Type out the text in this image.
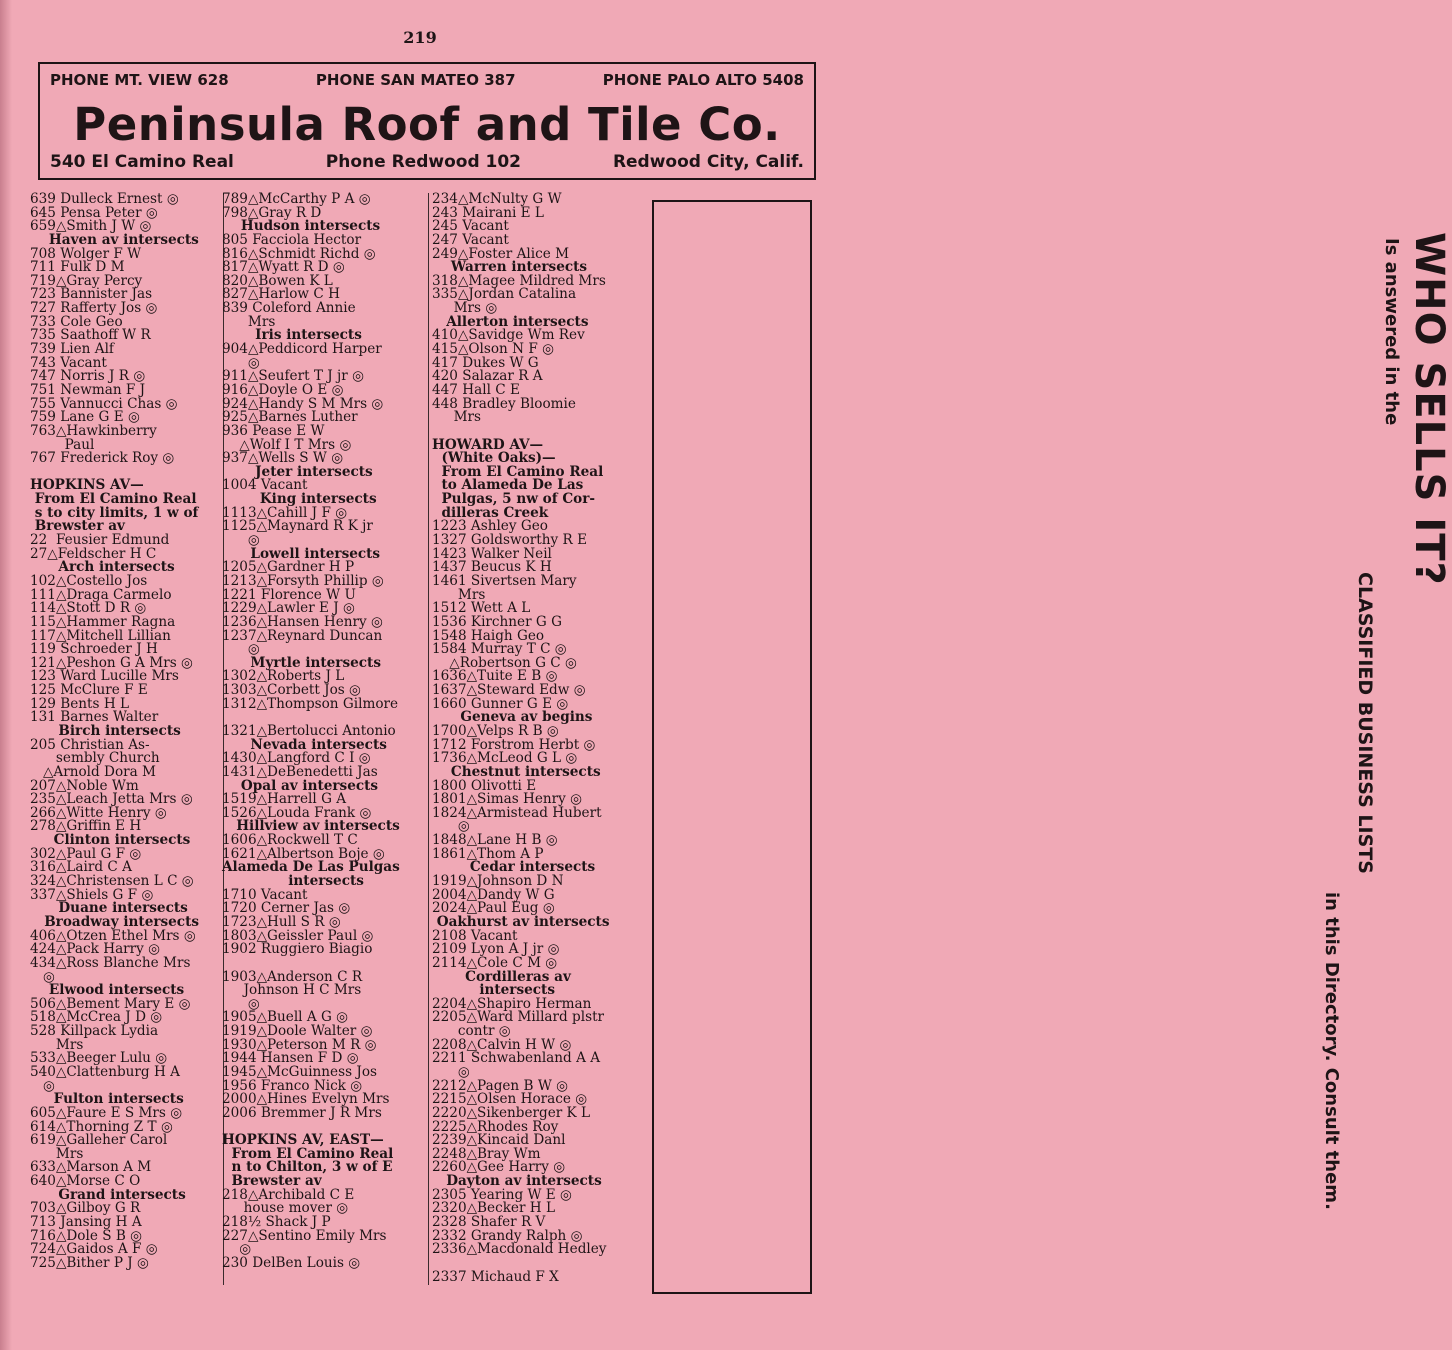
219
PHONE MT. VIEW 628	PHONE SAN MATEO 387	PHONE PALO ALTO 5408
Peninsula Roof and Tile Co.
540 El Camino Real	Phone Redwood 102	Redwood City, Calif.
639 Dulleck Ernest ◎
645 Pensa Peter ◎
659△Smith J W ◎
Haven av intersects
708 Wolger F W
711 Fulk D M
719△Gray Percy
723 Bannister Jas
727 Rafferty Jos ◎
733 Cole Geo
735 Saathoff W R
739 Lien Alf
743 Vacant
747 Norris J R ◎
751 Newman F J
755 Vannucci Chas ◎
759 Lane G E ◎
763△Hawkinberry
Paul
767 Frederick Roy ◎
HOPKINS AV—
From El Camino Real
s to city limits, 1 w of
Brewster av
22  Feusier Edmund
27△Feldscher H C
Arch intersects
102△Costello Jos
111△Draga Carmelo
114△Stott D R ◎
115△Hammer Ragna
117△Mitchell Lillian
119 Schroeder J H
121△Peshon G A Mrs ◎
123 Ward Lucille Mrs
125 McClure F E
129 Bents H L
131 Barnes Walter
Birch intersects
205 Christian As-
sembly Church
△Arnold Dora M
207△Noble Wm
235△Leach Jetta Mrs ◎
266△Witte Henry ◎
278△Griffin E H
Clinton intersects
302△Paul G F ◎
316△Laird C A
324△Christensen L C ◎
337△Shiels G F ◎
Duane intersects
Broadway intersects
406△Otzen Ethel Mrs ◎
424△Pack Harry ◎
434△Ross Blanche Mrs
◎
Elwood intersects
506△Bement Mary E ◎
518△McCrea J D ◎
528 Killpack Lydia
Mrs
533△Beeger Lulu ◎
540△Clattenburg H A
◎
Fulton intersects
605△Faure E S Mrs ◎
614△Thorning Z T ◎
619△Galleher Carol
Mrs
633△Marson A M
640△Morse C O
Grand intersects
703△Gilboy G R
713 Jansing H A
716△Dole S B ◎
724△Gaidos A F ◎
725△Bither P J ◎
789△McCarthy P A ◎
798△Gray R D
Hudson intersects
805 Facciola Hector
816△Schmidt Richd ◎
817△Wyatt R D ◎
820△Bowen K L
827△Harlow C H
839 Coleford Annie
Mrs
Iris intersects
904△Peddicord Harper
◎
911△Seufert T J jr ◎
916△Doyle O E ◎
924△Handy S M Mrs ◎
925△Barnes Luther
936 Pease E W
△Wolf I T Mrs ◎
937△Wells S W ◎
Jeter intersects
1004 Vacant
King intersects
1113△Cahill J F ◎
1125△Maynard R K jr
◎
Lowell intersects
1205△Gardner H P
1213△Forsyth Phillip ◎
1221 Florence W U
1229△Lawler E J ◎
1236△Hansen Henry ◎
1237△Reynard Duncan
◎
Myrtle intersects
1302△Roberts J L
1303△Corbett Jos ◎
1312△Thompson Gilmore
1321△Bertolucci Antonio
Nevada intersects
1430△Langford C I ◎
1431△DeBenedetti Jas
Opal av intersects
1519△Harrell G A
1526△Louda Frank ◎
Hillview av intersects
1606△Rockwell T C
1621△Albertson Boje ◎
Alameda De Las Pulgas
intersects
1710 Vacant
1720 Cerner Jas ◎
1723△Hull S R ◎
1803△Geissler Paul ◎
1902 Ruggiero Biagio
1903△Anderson C R
Johnson H C Mrs
◎
1905△Buell A G ◎
1919△Doole Walter ◎
1930△Peterson M R ◎
1944 Hansen F D ◎
1945△McGuinness Jos
1956 Franco Nick ◎
2000△Hines Evelyn Mrs
2006 Bremmer J R Mrs
HOPKINS AV, EAST—
From El Camino Real
n to Chilton, 3 w of E
Brewster av
218△Archibald C E
house mover ◎
218½ Shack J P
227△Sentino Emily Mrs
◎
230 DelBen Louis ◎
234△McNulty G W
243 Mairani E L
245 Vacant
247 Vacant
249△Foster Alice M
Warren intersects
318△Magee Mildred Mrs
335△Jordan Catalina
Mrs ◎
Allerton intersects
410△Savidge Wm Rev
415△Olson N F ◎
417 Dukes W G
420 Salazar R A
447 Hall C E
448 Bradley Bloomie
Mrs
HOWARD AV—
(White Oaks)—
From El Camino Real
to Alameda De Las
Pulgas, 5 nw of Cor-
dilleras Creek
1223 Ashley Geo
1327 Goldsworthy R E
1423 Walker Neil
1437 Beucus K H
1461 Sivertsen Mary
Mrs
1512 Wett A L
1536 Kirchner G G
1548 Haigh Geo
1584 Murray T C ◎
△Robertson G C ◎
1636△Tuite E B ◎
1637△Steward Edw ◎
1660 Gunner G E ◎
Geneva av begins
1700△Velps R B ◎
1712 Forstrom Herbt ◎
1736△McLeod G L ◎
Chestnut intersects
1800 Olivotti E
1801△Simas Henry ◎
1824△Armistead Hubert
◎
1848△Lane H B ◎
1861△Thom A P
Cedar intersects
1919△Johnson D N
2004△Dandy W G
2024△Paul Eug ◎
Oakhurst av intersects
2108 Vacant
2109 Lyon A J jr ◎
2114△Cole C M ◎
Cordilleras av
intersects
2204△Shapiro Herman
2205△Ward Millard plstr
contr ◎
2208△Calvin H W ◎
2211 Schwabenland A A
◎
2212△Pagen B W ◎
2215△Olsen Horace ◎
2220△Sikenberger K L
2225△Rhodes Roy
2239△Kincaid Danl
2248△Bray Wm
2260△Gee Harry ◎
Dayton av intersects
2305 Yearing W E ◎
2320△Becker H L
2328 Shafer R V
2332 Grandy Ralph ◎
2336△Macdonald Hedley
2337 Michaud F X
WHO SELLS IT?
Is answered in the
CLASSIFIED BUSINESS LISTS
in this Directory. Consult them.
